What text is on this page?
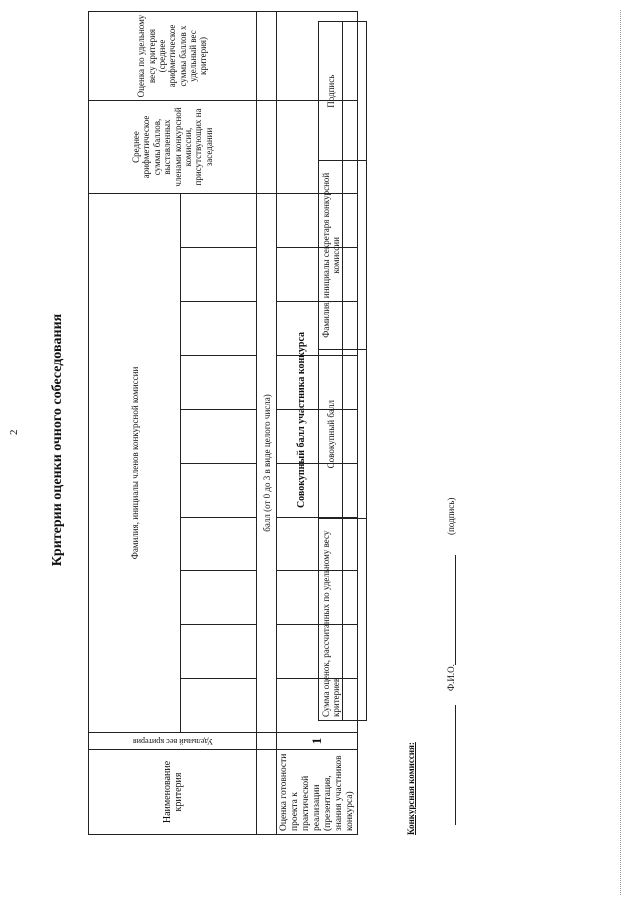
2 Критерии оценки очного собеседования
Наименование критерия	Удельный вес критерия	Фамилия, инициалы членов конкурсной комиссии										Среднее арифметическое суммы баллов, выставленных членами конкурсной комиссии, присутствующих на заседании	Оценка по удельному весу критерия (среднее арифметическое суммы баллов х удельный вес критерия)

		балл (от 0 до 3 в виде целого числа)											
Оценка готовности проекта к практической реализации (презентация, знания участников конкурса)	1												
Совокупный балл участника конкурса
Сумма оценок, рассчитанных по удельному весу критериев	Совокупный балл	Фамилия, инициалы секретаря конкурсной комиссии	Подпись

Конкурсная комиссия:
Ф.И.О.
(подпись)
